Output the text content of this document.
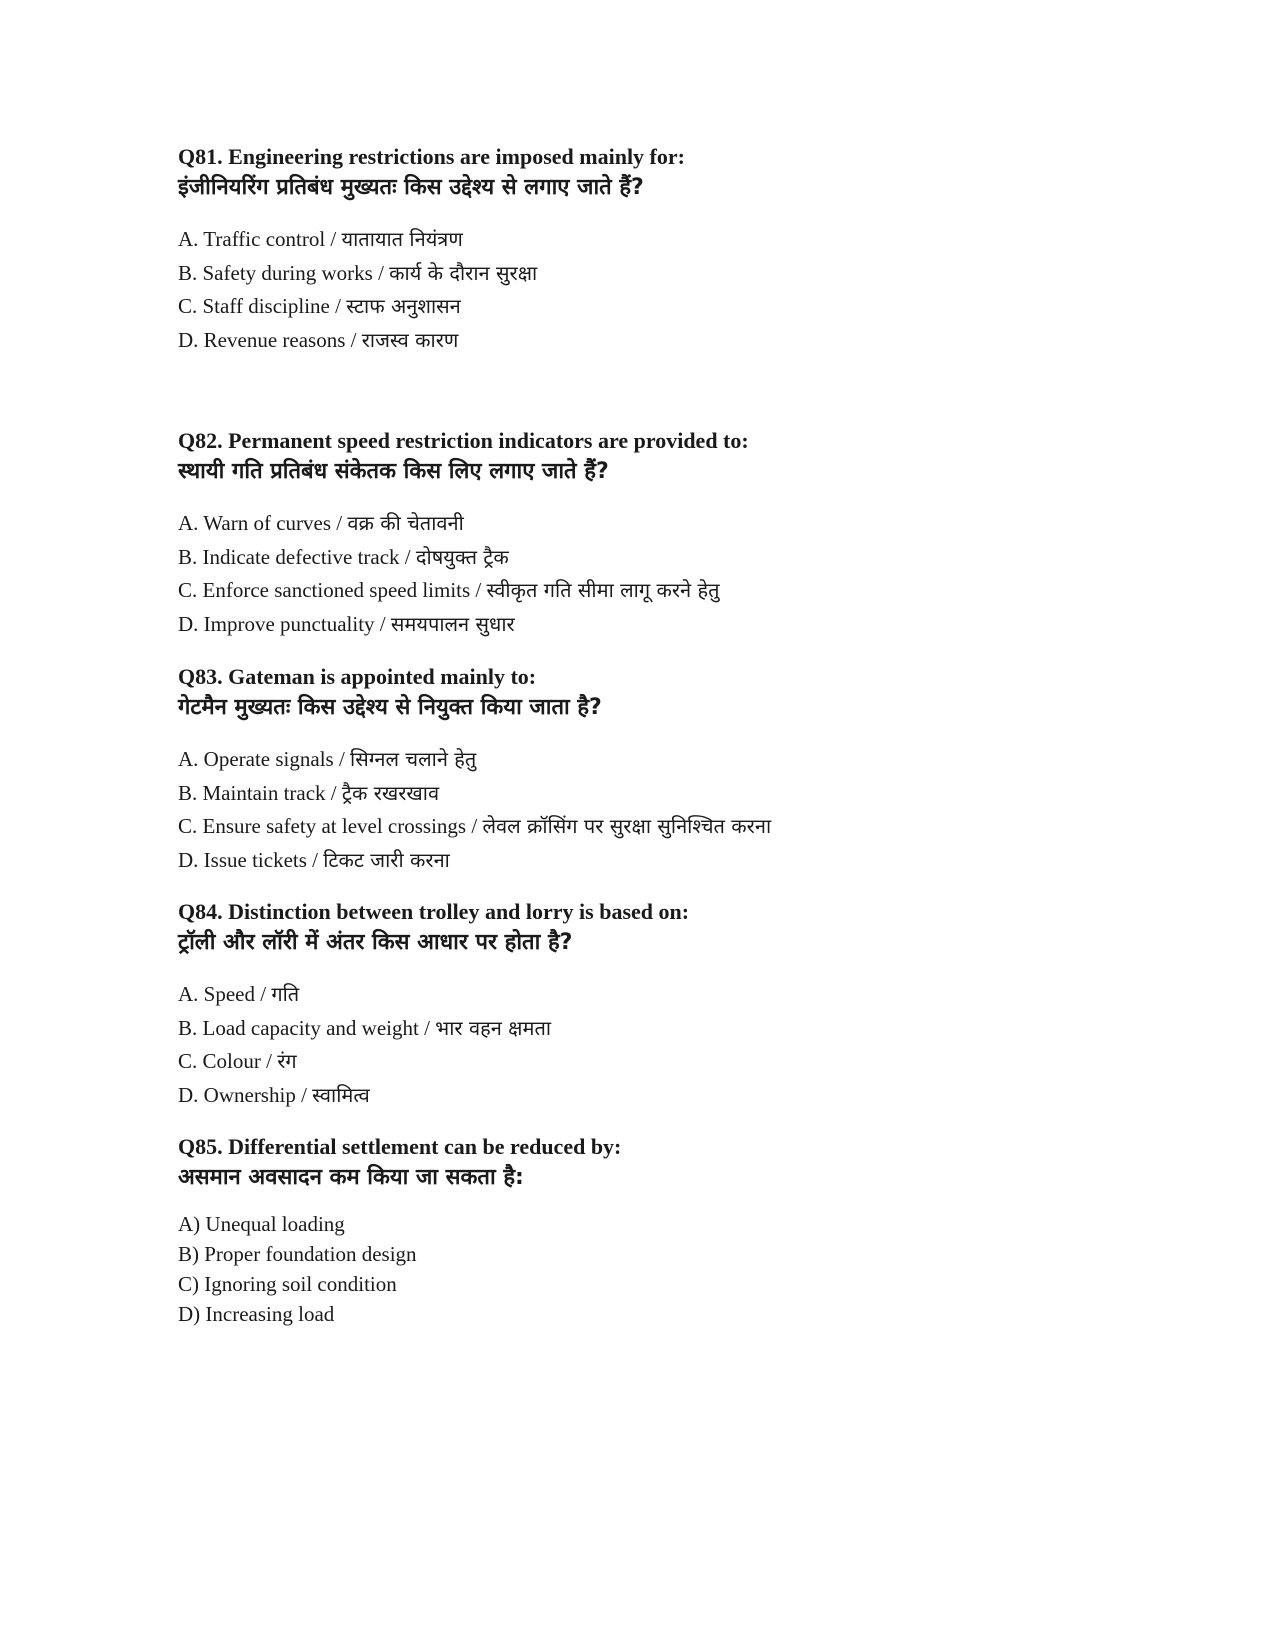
Q81. Engineering restrictions are imposed mainly for:
इंजीनियरिंग प्रतिबंध मुख्यतः किस उद्देश्य से लगाए जाते हैं?
A. Traffic control / यातायात नियंत्रण
B. Safety during works / कार्य के दौरान सुरक्षा
C. Staff discipline / स्टाफ अनुशासन
D. Revenue reasons / राजस्व कारण
Q82. Permanent speed restriction indicators are provided to:
स्थायी गति प्रतिबंध संकेतक किस लिए लगाए जाते हैं?
A. Warn of curves / वक्र की चेतावनी
B. Indicate defective track / दोषयुक्त ट्रैक
C. Enforce sanctioned speed limits / स्वीकृत गति सीमा लागू करने हेतु
D. Improve punctuality / समयपालन सुधार
Q83. Gateman is appointed mainly to:
गेटमैन मुख्यतः किस उद्देश्य से नियुक्त किया जाता है?
A. Operate signals / सिग्नल चलाने हेतु
B. Maintain track / ट्रैक रखरखाव
C. Ensure safety at level crossings / लेवल क्रॉसिंग पर सुरक्षा सुनिश्चित करना
D. Issue tickets / टिकट जारी करना
Q84. Distinction between trolley and lorry is based on:
ट्रॉली और लॉरी में अंतर किस आधार पर होता है?
A. Speed / गति
B. Load capacity and weight / भार वहन क्षमता
C. Colour / रंग
D. Ownership / स्वामित्व
Q85. Differential settlement can be reduced by:
असमान अवसादन कम किया जा सकता है:
A) Unequal loading
B) Proper foundation design
C) Ignoring soil condition
D) Increasing load
